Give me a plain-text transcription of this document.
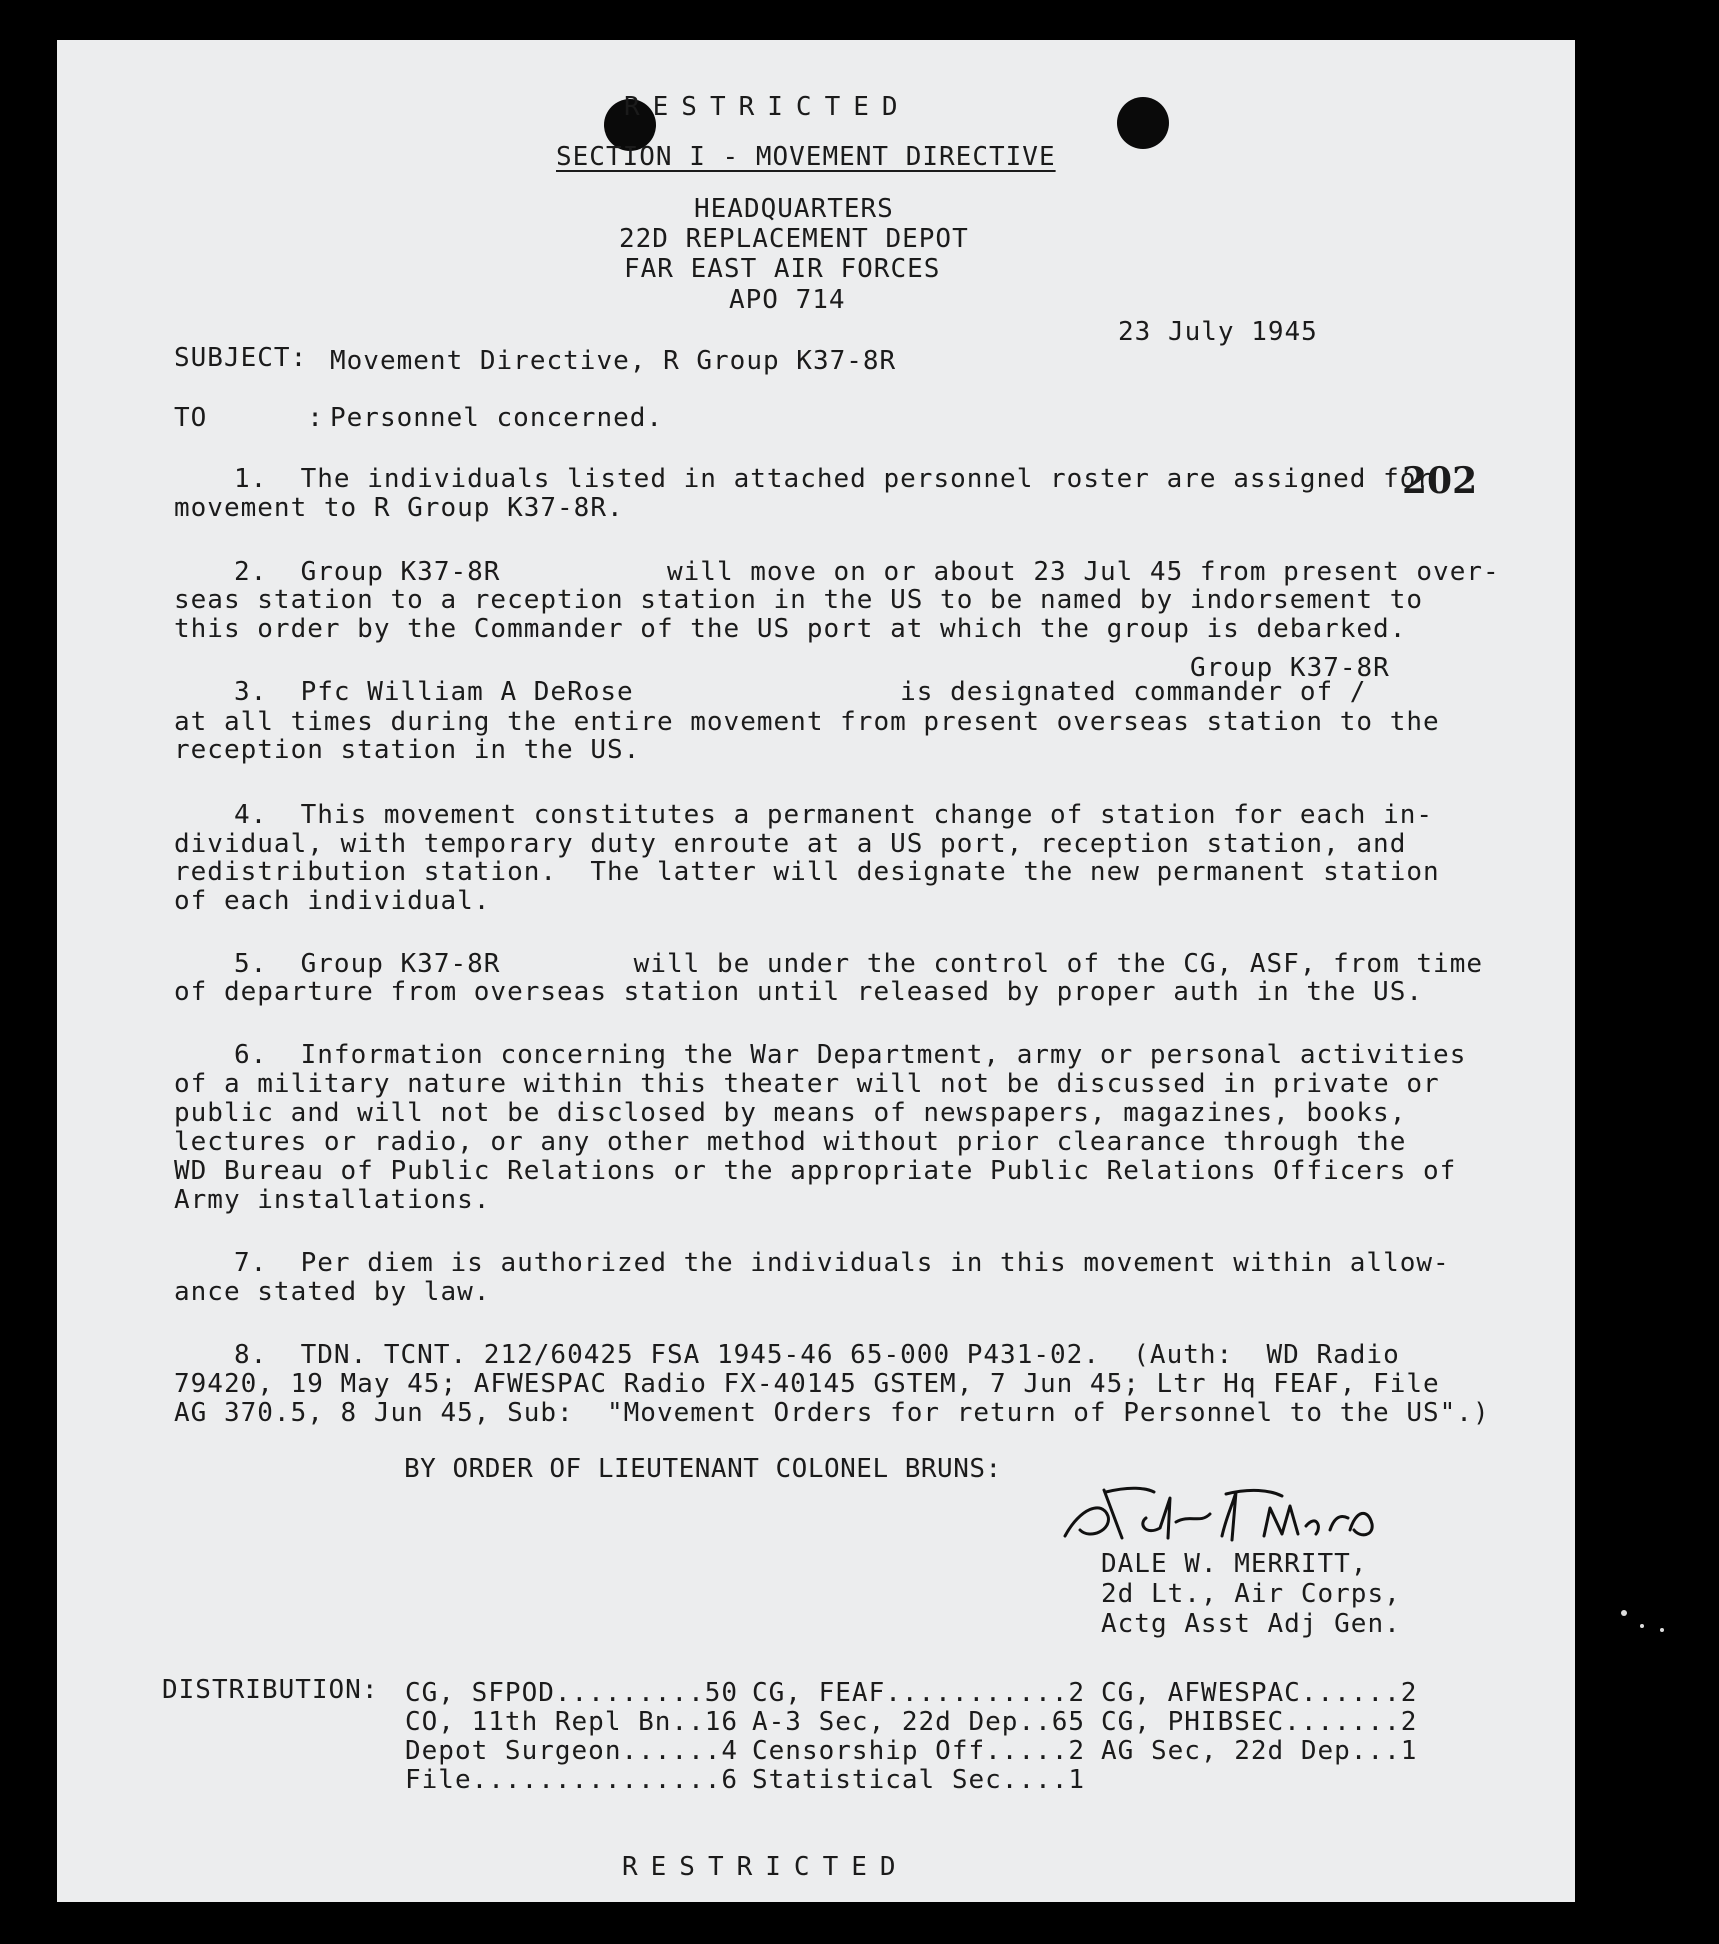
RESTRICTED
SECTION I - MOVEMENT DIRECTIVE
HEADQUARTERS
22D REPLACEMENT DEPOT
FAR EAST AIR FORCES
APO 714
23 July 1945
SUBJECT: Movement Directive, R Group K37-8R
TO      : Personnel concerned.
1.  The individuals listed in attached personnel roster are assigned for
movement to R Group K37-8R.
202
2.  Group K37-8R          will move on or about 23 Jul 45 from present over-
seas station to a reception station in the US to be named by indorsement to
this order by the Commander of the US port at which the group is debarked.
Group K37-8R
3.  Pfc William A DeRose                is designated commander of /
at all times during the entire movement from present overseas station to the
reception station in the US.
4.  This movement constitutes a permanent change of station for each in-
dividual, with temporary duty enroute at a US port, reception station, and
redistribution station.  The latter will designate the new permanent station
of each individual.
5.  Group K37-8R        will be under the control of the CG, ASF, from time
of departure from overseas station until released by proper auth in the US.
6.  Information concerning the War Department, army or personal activities
of a military nature within this theater will not be discussed in private or
public and will not be disclosed by means of newspapers, magazines, books,
lectures or radio, or any other method without prior clearance through the
WD Bureau of Public Relations or the appropriate Public Relations Officers of
Army installations.
7.  Per diem is authorized the individuals in this movement within allow-
ance stated by law.
8.  TDN. TCNT. 212/60425 FSA 1945-46 65-000 P431-02.  (Auth:  WD Radio
79420, 19 May 45; AFWESPAC Radio FX-40145 GSTEM, 7 Jun 45; Ltr Hq FEAF, File
AG 370.5, 8 Jun 45, Sub:  "Movement Orders for return of Personnel to the US".)
BY ORDER OF LIEUTENANT COLONEL BRUNS:
DALE W. MERRITT,
2d Lt., Air Corps,
Actg Asst Adj Gen.
DISTRIBUTION: CG, SFPOD.........50
CO, 11th Repl Bn..16
Depot Surgeon......4
File...............6
CG, FEAF...........2
A-3 Sec, 22d Dep..65
Censorship Off.....2
Statistical Sec....1
CG, AFWESPAC......2
CG, PHIBSEC.......2
AG Sec, 22d Dep...1
RESTRICTED
